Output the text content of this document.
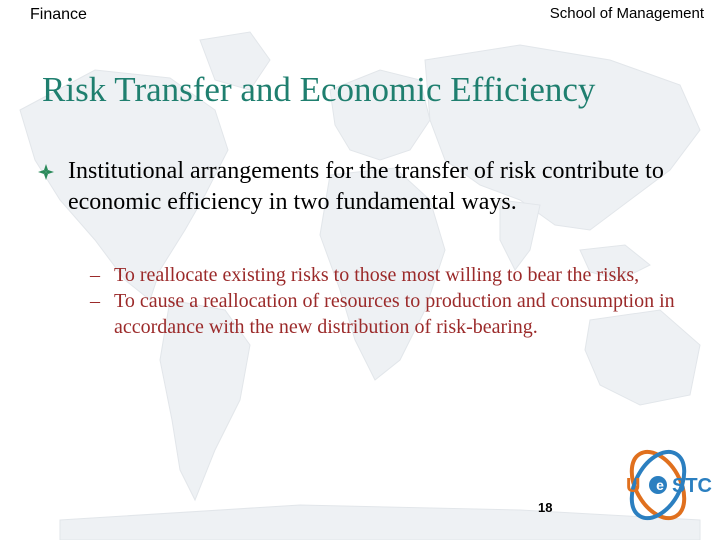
Finance	School of Management
Risk Transfer and Economic Efficiency
Institutional arrangements for the transfer of risk contribute to economic efficiency in two fundamental ways.
– To reallocate existing risks to those most willing to bear the risks,
– To cause a reallocation of resources to production and consumption in accordance with the new distribution of risk-bearing.
e
U STC
18
